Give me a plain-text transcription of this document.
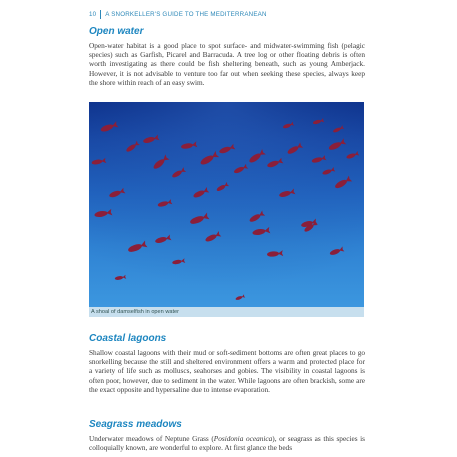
10 A SNORKELLER'S GUIDE TO THE MEDITERRANEAN
Open water

Open-water habitat is a good place to spot surface- and midwater-swimming fish (pelagic species) such as Garfish, Picarel and Barracuda. A tree log or other floating debris is often worth investigating as there could be fish sheltering beneath, such as young Amberjack. However, it is not advisable to venture too far out when seeking these species, always keep the shore within reach of an easy swim.

A shoal of damselfish in open water
Coastal lagoons

Shallow coastal lagoons with their mud or soft-sediment bottoms are often great places to go snorkelling because the still and sheltered environment offers a warm and protected place for a variety of life such as molluscs, seahorses and gobies. The visibility in coastal lagoons is often poor, however, due to sediment in the water. While lagoons are often brackish, some are the exact opposite and hypersaline due to intense evaporation.

Seagrass meadows

Underwater meadows of Neptune Grass (Posidonia oceanica), or seagrass as this species is colloquially known, are wonderful to explore. At first glance the beds
